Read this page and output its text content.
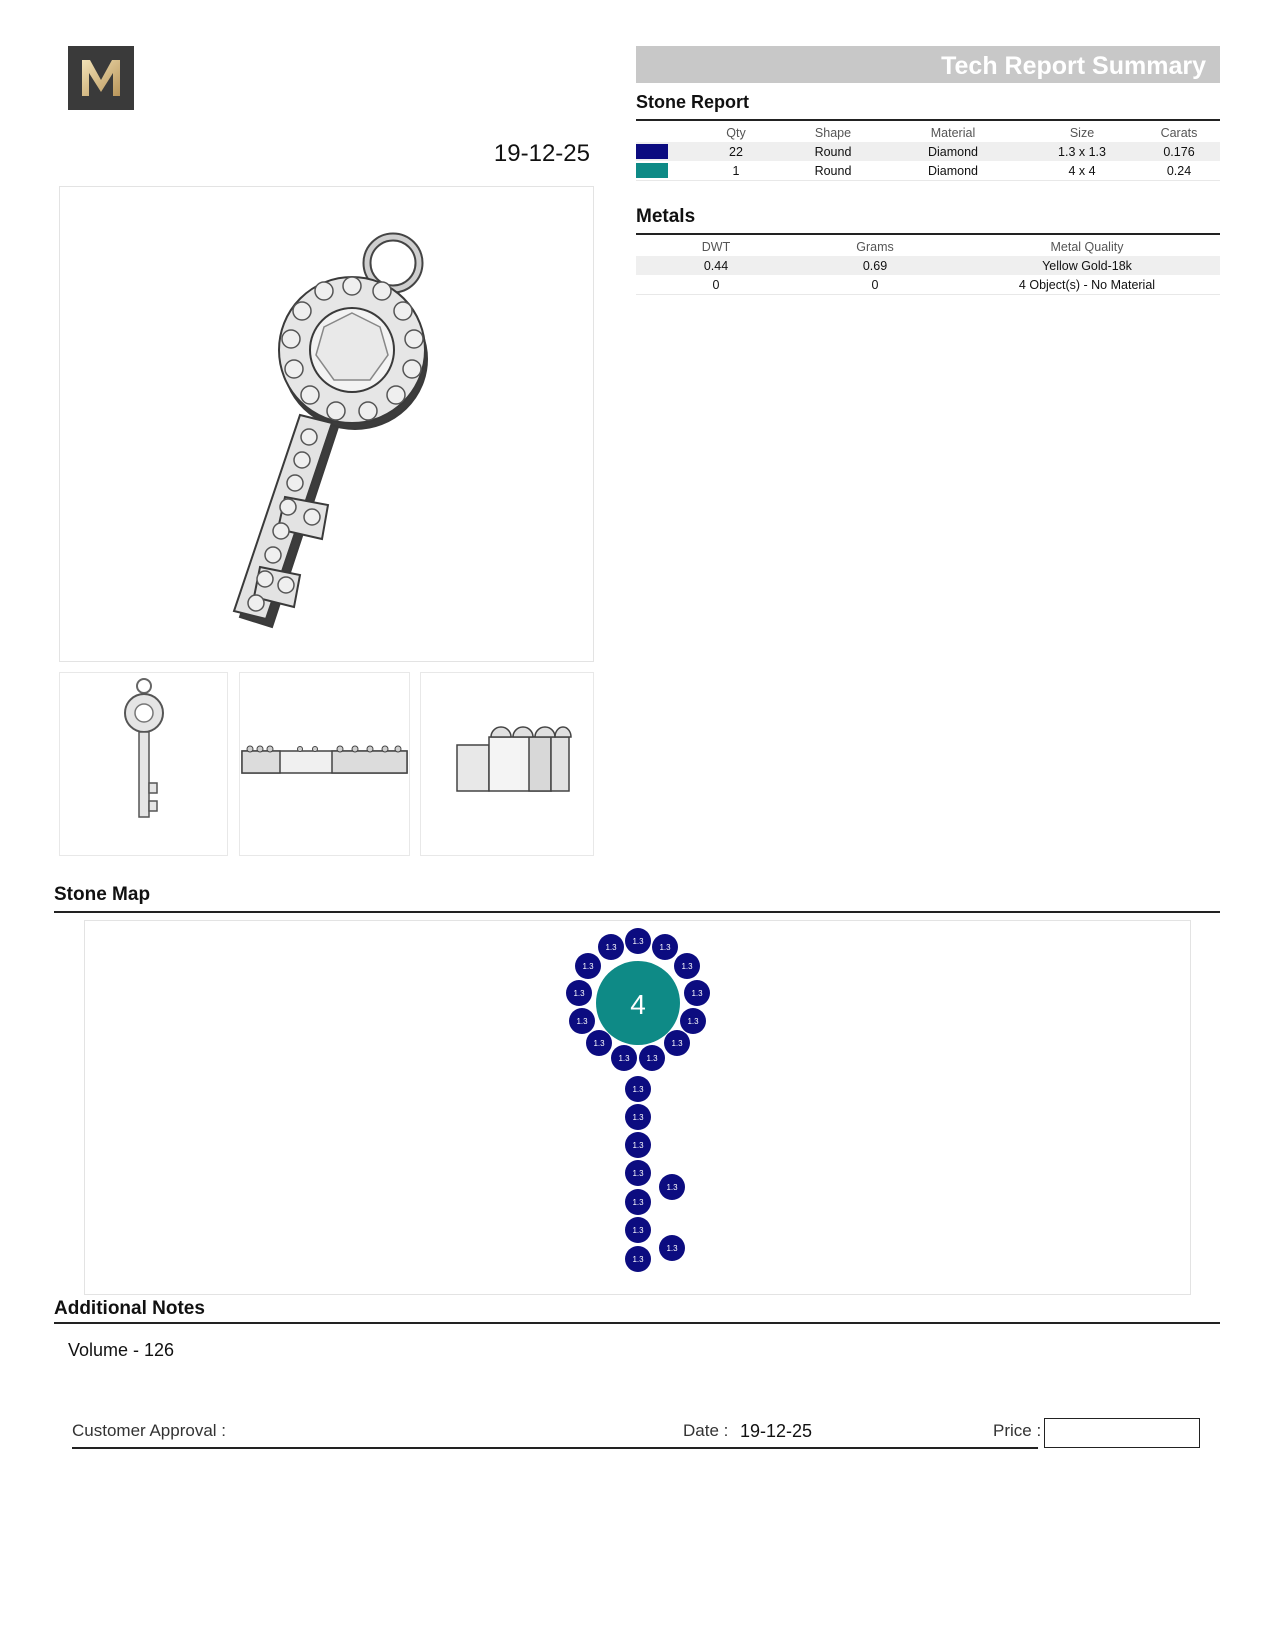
19-12-25
Tech Report Summary
Stone Report
	Qty	Shape	Material	Size	Carats

	22	Round	Diamond	1.3 x 1.3	0.176

	1	Round	Diamond	4 x 4	0.24
Metals
DWT	Grams	Metal Quality
0.44	0.69	Yellow Gold-18k
0	0	4 Object(s) - No Material
Stone Map
4
1.3
1.3	1.3
1.3	1.3
1.3	1.3
1.3	1.3
1.3	1.3
1.3 1.3
1.3
1.3
1.3
1.3
1.3
1.3
1.3
1.3
1.3
Additional Notes
Volume - 126
Customer Approval :	Date : 19-12-25	Price :
